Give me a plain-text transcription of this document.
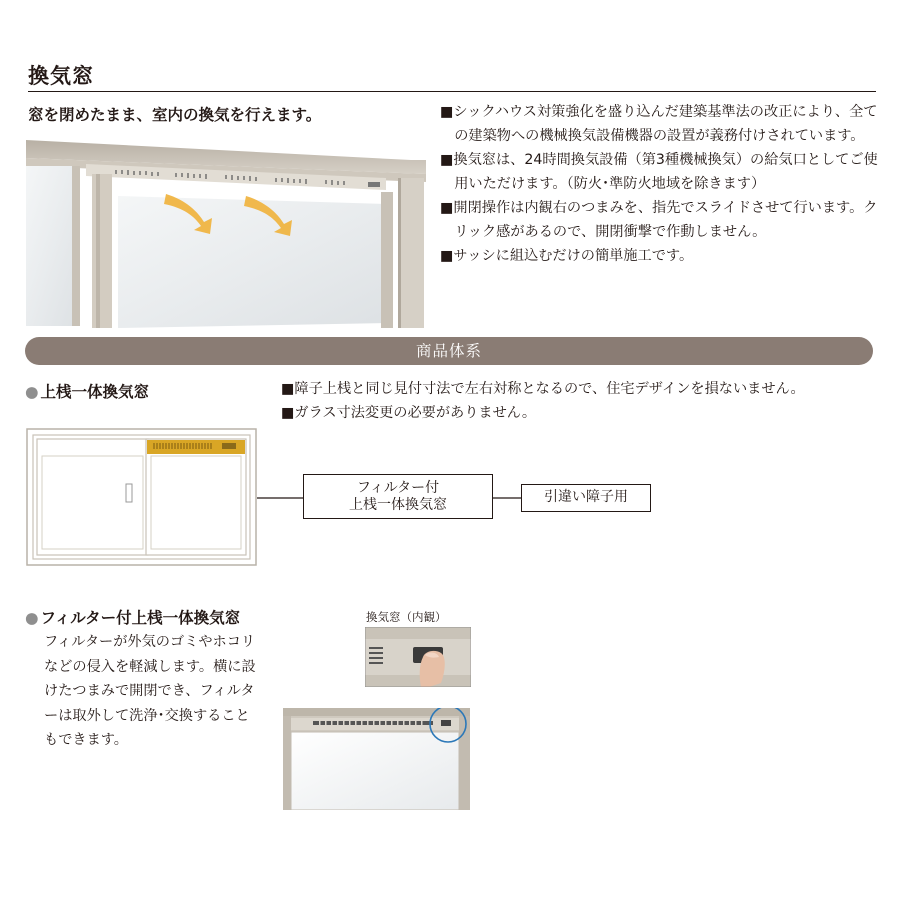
換気窓
窓を閉めたまま、室内の換気を行えます。	■ シックハウス対策強化を盛り込んだ建築基準法の改正により、全ての建築物への機械換気設備機器の設置が義務付けされています。
■ 換気窓は、24時間換気設備（第3種機械換気）の給気口としてご使用いただけます。（防火･準防火地域を除きます）
■ 開閉操作は内観右のつまみを、指先でスライドさせて行います。クリック感があるので、開閉衝撃で作動しません。
■ サッシに組込むだけの簡単施工です。
商品体系
● 上桟一体換気窓	■ 障子上桟と同じ見付寸法で左右対称となるので、住宅デザインを損ないません。
■ ガラス寸法変更の必要がありません。
フィルター付
上桟一体換気窓	引違い障子用
● フィルター付上桟一体換気窓
フィルターが外気のゴミやホコリなどの侵入を軽減します。横に設けたつまみで開閉でき、フィルターは取外して洗浄･交換することもできます。
換気窓（内観）
